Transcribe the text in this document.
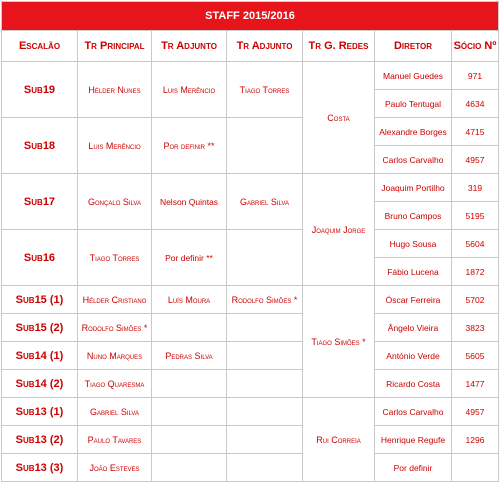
STAFF 2015/2016						
Escalão	Tr Principal	Tr Adjunto	Tr Adjunto	Tr G. Redes	Diretor	Sócio Nº
Sub19	Hélder Nunes	Luis Merêncio	Tiago Torres	Costa	Manuel Guedes	971
					Paulo Tentugal	4634
Sub18	Luis Merêncio	Por definir **			Alexandre Borges	4715
					Carlos Carvalho	4957
Sub17	Gonçalo Silva	Nelson Quintas	Gabriel Silva	Joaquim Jorge	Joaquim Portilho	319
					Bruno Campos	5195
Sub16	Tiago Torres	Por definir **			Hugo Sousa	5604
					Fábio Lucena	1872
Sub15 (1)	Hélder Cristiano	Luís Moura	Rodolfo Simões *	Tiago Simões *	Óscar Ferreira	5702
Sub15 (2)	Rodolfo Simões *				Ângelo Vieira	3823
Sub14 (1)	Nuno Marques	Pedras Silva			António Verde	5605
Sub14 (2)	Tiago Quaresma				Ricardo Costa	1477
Sub13 (1)	Gabriel Silva			Rui Correia	Carlos Carvalho	4957
Sub13 (2)	Paulo Tavares				Henrique Regufe	1296
Sub13 (3)	João Esteves				Por definir	
